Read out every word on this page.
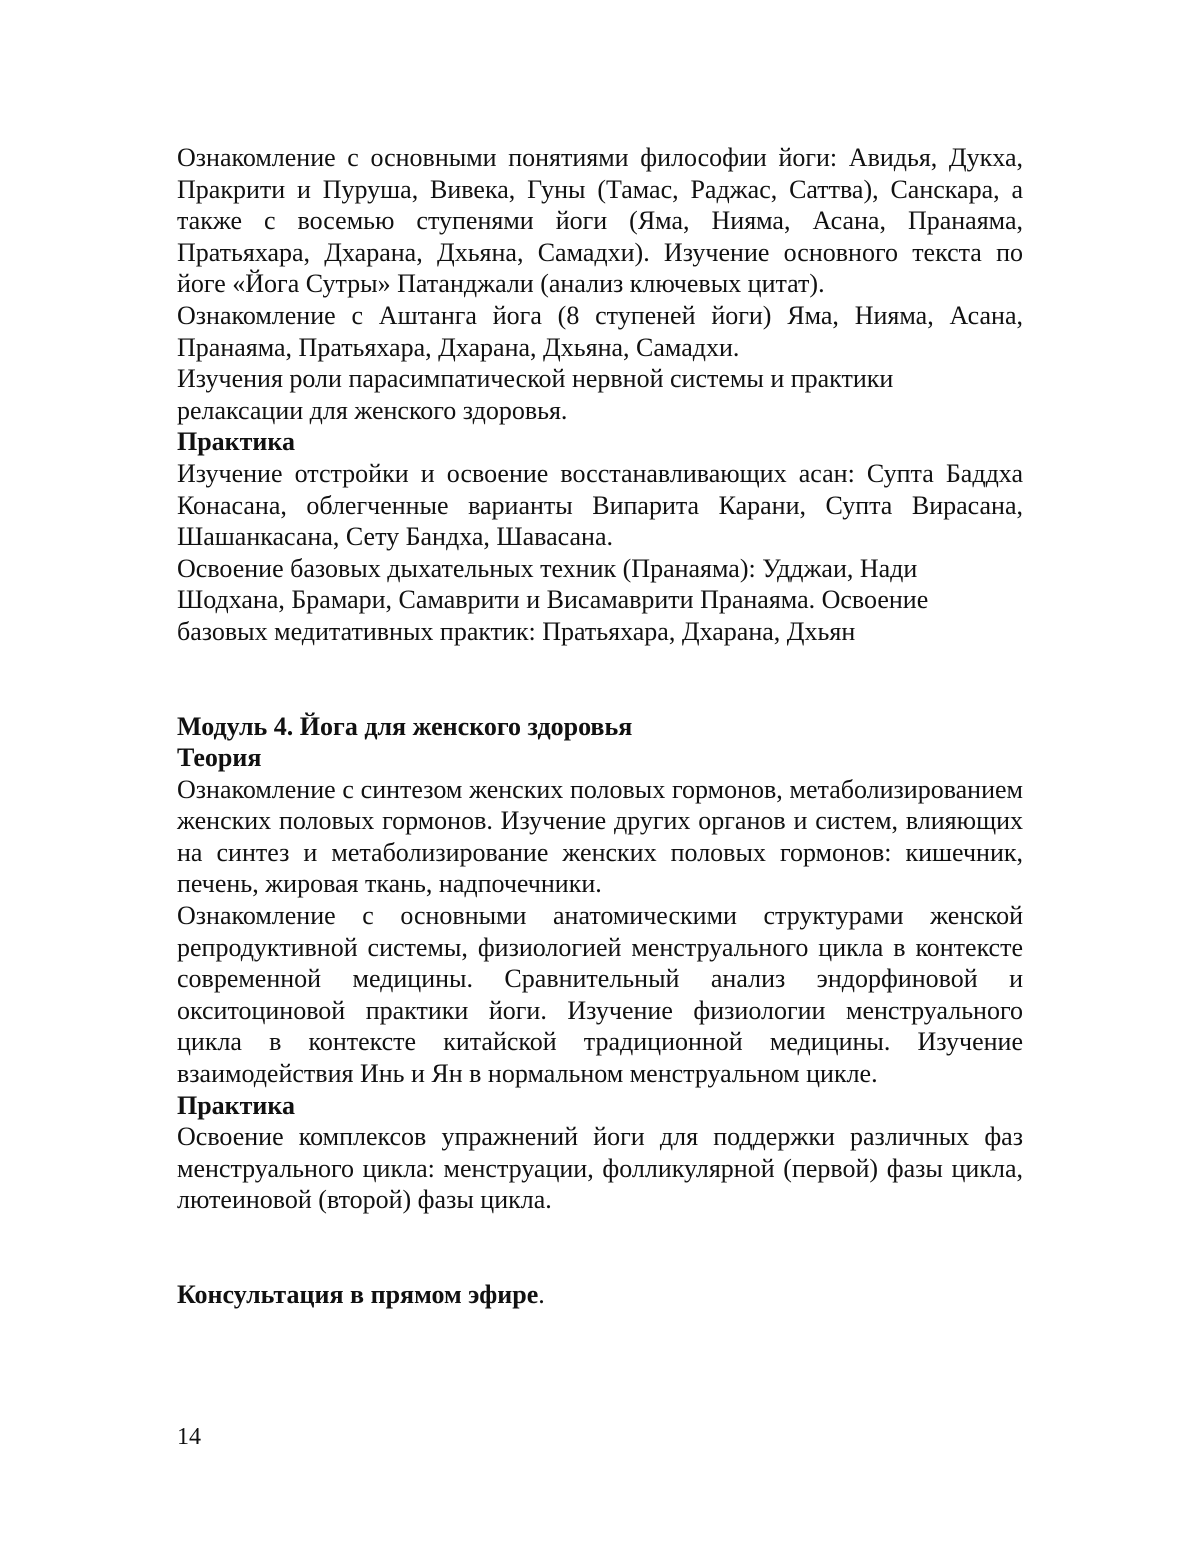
Ознакомление с основными понятиями философии йоги: Авидья, Дукха, Пракрити и Пуруша, Вивека, Гуны (Тамас, Раджас, Саттва), Санскара, а также с восемью ступенями йоги (Яма, Нияма, Асана, Пранаяма, Пратьяхара, Дхарана, Дхьяна, Самадхи). Изучение основного текста по йоге «Йога Сутры» Патанджали (анализ ключевых цитат).

Ознакомление с Аштанга йога (8 ступеней йоги) Яма, Нияма, Асана, Пранаяма, Пратьяхара, Дхарана, Дхьяна, Самадхи.

Изучения роли парасимпатической нервной системы и практики релаксации для женского здоровья.

Практика

Изучение отстройки и освоение восстанавливающих асан: Супта Баддха Конасана, облегченные варианты Випарита Карани, Супта Вирасана, Шашанкасана, Сету Бандха, Шавасана.

Освоение базовых дыхательных техник (Пранаяма): Удджаи, Нади Шодхана, Брамари, Самаврити и Висамаврити Пранаяма. Освоение базовых медитативных практик: Пратьяхара, Дхарана, Дхьян

Модуль 4. Йога для женского здоровья

Теория

Ознакомление с синтезом женских половых гормонов, метаболизированием женских половых гормонов. Изучение других органов и систем, влияющих на синтез и метаболизирование женских половых гормонов: кишечник, печень, жировая ткань, надпочечники.

Ознакомление с основными анатомическими структурами женской репродуктивной системы, физиологией менструального цикла в контексте современной медицины. Сравнительный анализ эндорфиновой и окситоциновой практики йоги. Изучение физиологии менструального цикла в контексте китайской традиционной медицины. Изучение взаимодействия Инь и Ян в нормальном менструальном цикле.

Практика

Освоение комплексов упражнений йоги для поддержки различных фаз менструального цикла: менструации, фолликулярной (первой) фазы цикла, лютеиновой (второй) фазы цикла.

Консультация в прямом эфире.

14
